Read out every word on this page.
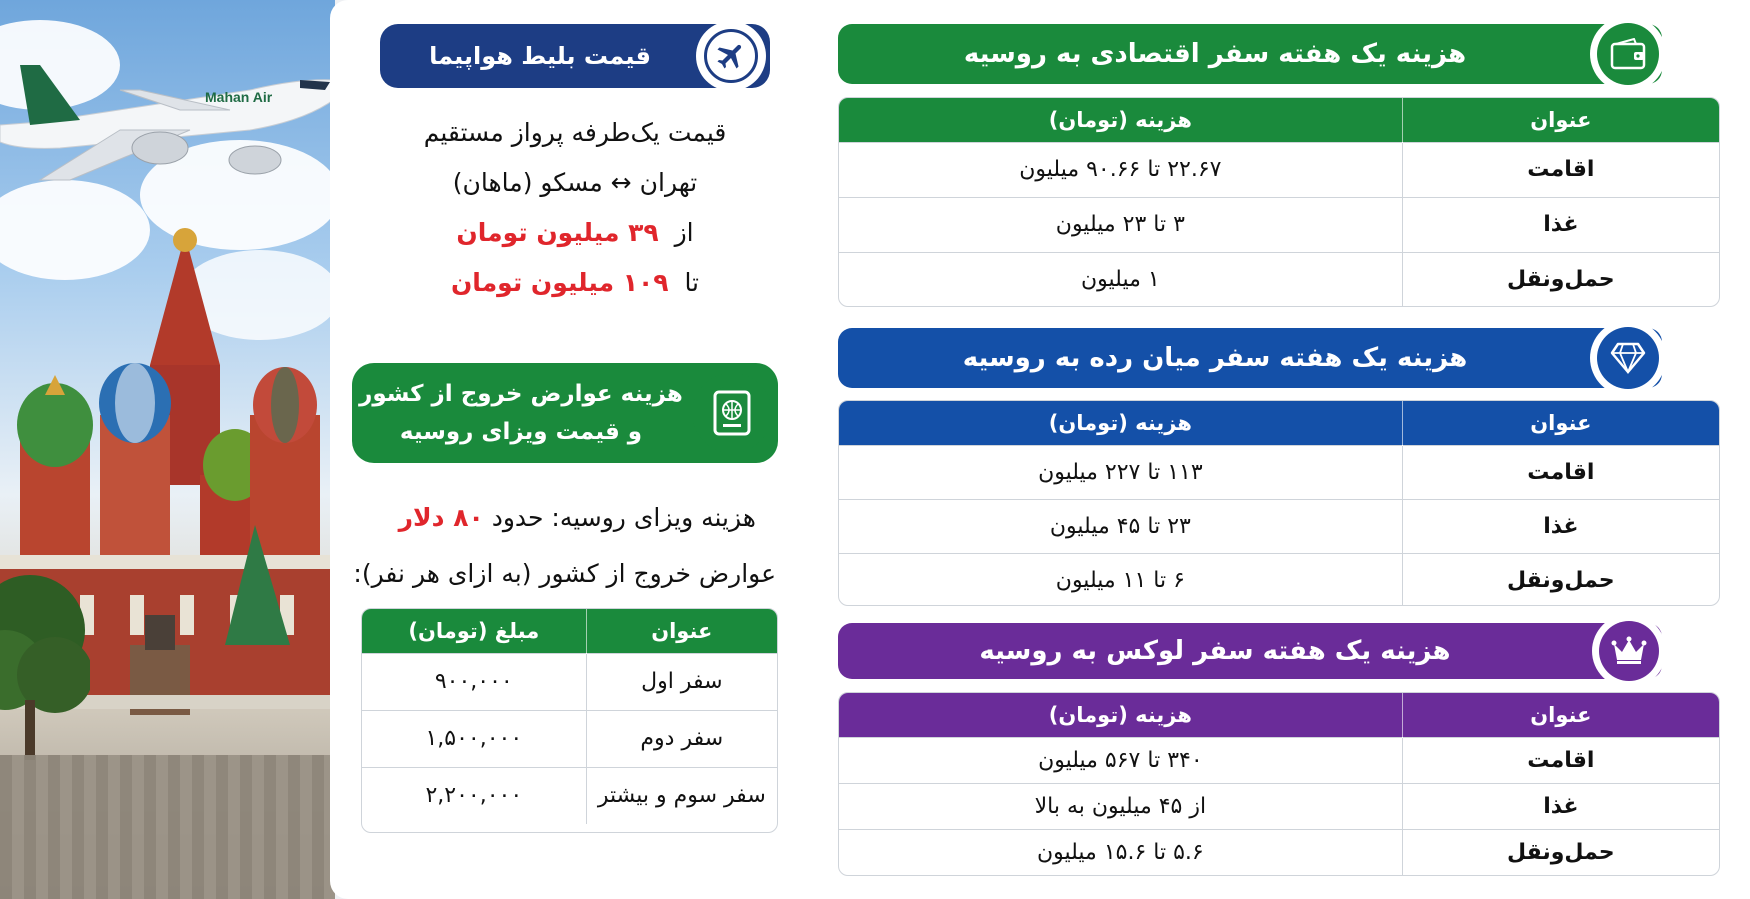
Mahan Air
قیمت بلیط هواپیما
قیمت یک‌طرفه پرواز مستقیم
تهران ↔ مسکو (ماهان)
از  ۳۹ میلیون تومان
تا  ۱۰۹ میلیون تومان
هزینه عوارض خروج از کشور
و قیمت ویزای روسیه
هزینه ویزای روسیه: حدود ۸۰ دلار
عوارض خروج از کشور (به ازای هر نفر):
عنوان	مبلغ (تومان)
سفر اول	۹۰۰,۰۰۰
سفر دوم	۱,۵۰۰,۰۰۰
سفر سوم و بیشتر	۲,۲۰۰,۰۰۰
هزینه یک هفته سفر اقتصادی به روسیه
عنوان	هزینه (تومان)
اقامت	۲۲.۶۷ تا ۹۰.۶۶ میلیون
غذا	۳ تا ۲۳ میلیون
حمل‌ونقل	۱ میلیون
هزینه یک هفته سفر میان رده به روسیه
عنوان	هزینه (تومان)
اقامت	۱۱۳ تا ۲۲۷ میلیون
غذا	۲۳ تا ۴۵ میلیون
حمل‌ونقل	۶ تا ۱۱ میلیون
هزینه یک هفته سفر لوکس به روسیه
عنوان	هزینه (تومان)
اقامت	۳۴۰ تا ۵۶۷ میلیون
غذا	از ۴۵ میلیون به بالا
حمل‌ونقل	۵.۶ تا ۱۵.۶ میلیون
